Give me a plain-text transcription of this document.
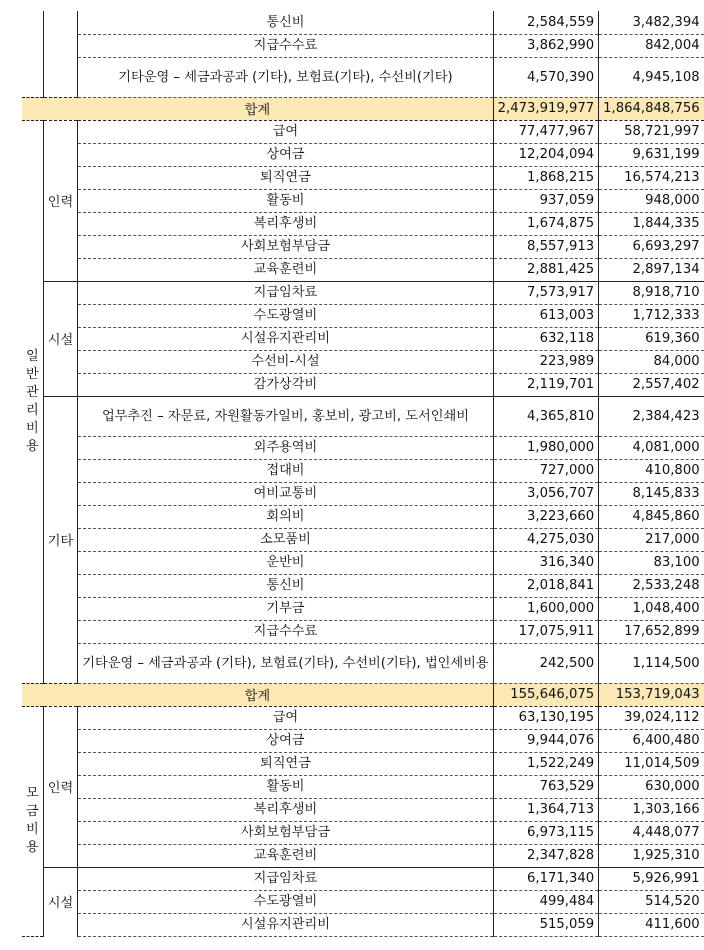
		통신비	2,584,559	3,482,394
		지급수수료	3,862,990	842,004
		기타운영 – 세금과공과 (기타), 보험료(기타), 수선비(기타)	4,570,390	4,945,108
합계			2,473,919,977	1,864,848,756
일반
관리
비용	인력	급여	77,477,967	58,721,997
		상여금	12,204,094	9,631,199
		퇴직연금	1,868,215	16,574,213
		활동비	937,059	948,000
		복리후생비	1,674,875	1,844,335
		사회보험부담금	8,557,913	6,693,297
		교육훈련비	2,881,425	2,897,134
	시설	지급임차료	7,573,917	8,918,710
		수도광열비	613,003	1,712,333
		시설유지관리비	632,118	619,360
		수선비-시설	223,989	84,000
		감가상각비	2,119,701	2,557,402
	기타	업무추진 – 자문료, 자원활동가일비, 홍보비, 광고비, 도서인쇄비	4,365,810	2,384,423
		외주용역비	1,980,000	4,081,000
		접대비	727,000	410,800
		여비교통비	3,056,707	8,145,833
		회의비	3,223,660	4,845,860
		소모품비	4,275,030	217,000
		운반비	316,340	83,100
		통신비	2,018,841	2,533,248
		기부금	1,600,000	1,048,400
		지급수수료	17,075,911	17,652,899
		기타운영 – 세금과공과 (기타), 보험료(기타), 수선비(기타), 법인세비용	242,500	1,114,500
합계			155,646,075	153,719,043
모금
비용	인력	급여	63,130,195	39,024,112
		상여금	9,944,076	6,400,480
		퇴직연금	1,522,249	11,014,509
		활동비	763,529	630,000
		복리후생비	1,364,713	1,303,166
		사회보험부담금	6,973,115	4,448,077
		교육훈련비	2,347,828	1,925,310
	시설	지급임차료	6,171,340	5,926,991
		수도광열비	499,484	514,520
		시설유지관리비	515,059	411,600
